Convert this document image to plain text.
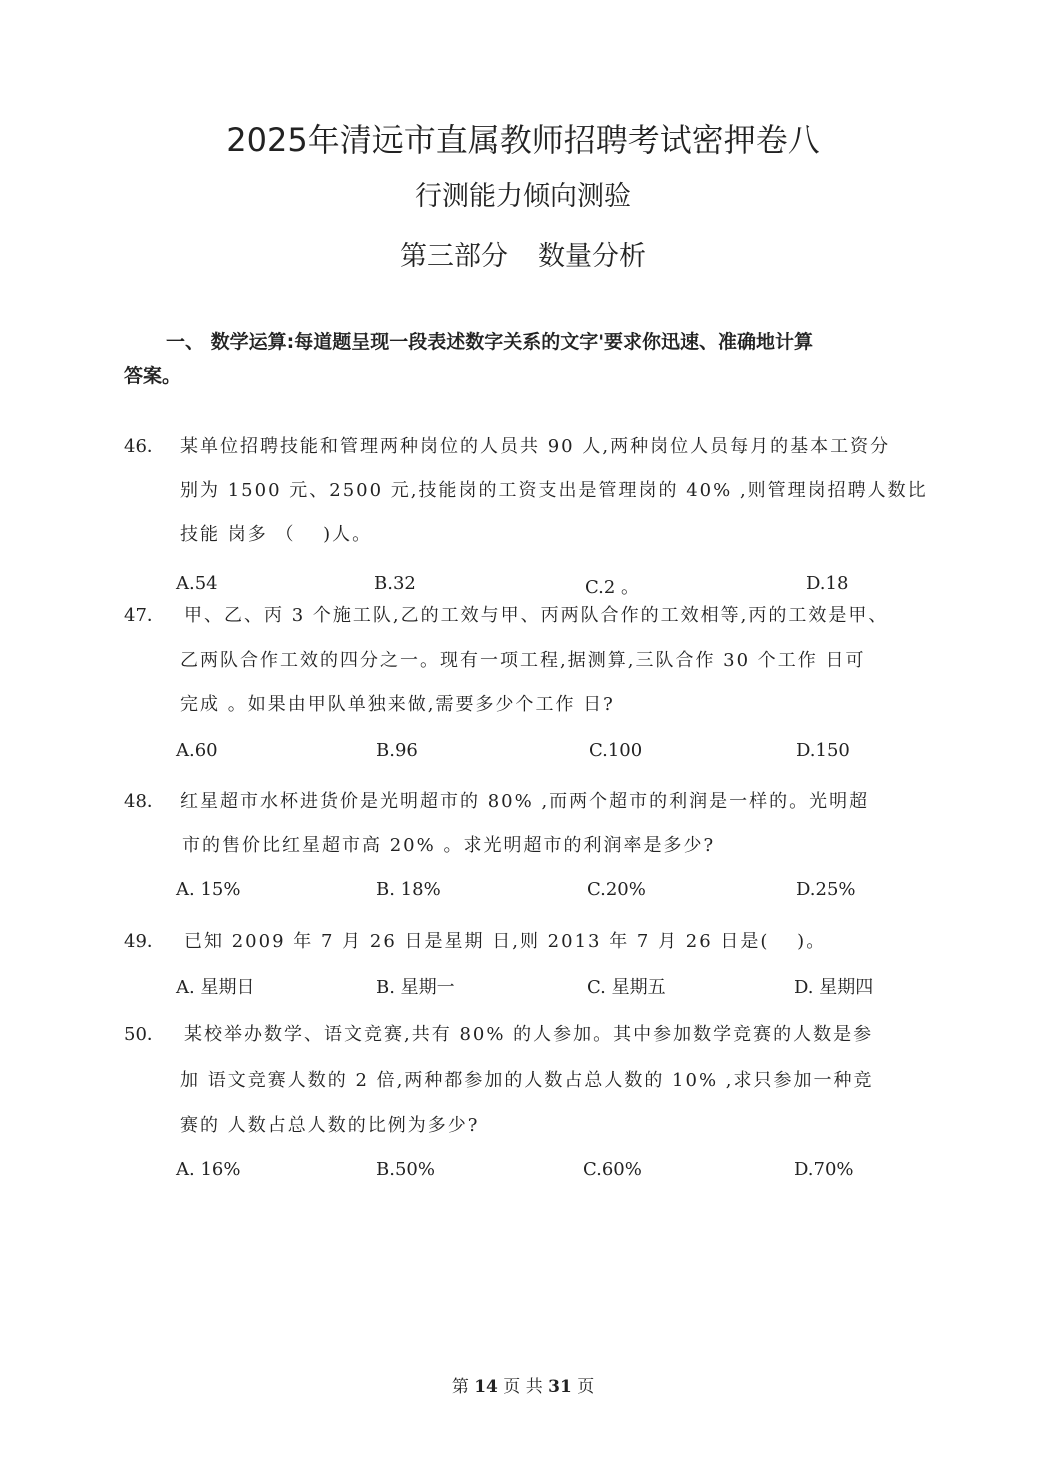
2025年清远市直属教师招聘考试密押卷八
行测能力倾向测验
第三部分 数量分析
一、 数学运算:每道题呈现一段表述数字关系的文字'要求你迅速、准确地计算
答案。
46． 某单位招聘技能和管理两种岗位的人员共 90 人,两种岗位人员每月的基本工资分
别为 1500 元、2500 元,技能岗的工资支出是管理岗的 40% ,则管理岗招聘人数比
技能 岗多 （　 )人。
A.54	B.32	C.2 。	D.18
47． 甲、乙、丙 3 个施工队,乙的工效与甲、丙两队合作的工效相等,丙的工效是甲、
乙两队合作工效的四分之一。现有一项工程,据测算,三队合作 30 个工作 日可
完成 。如果由甲队单独来做,需要多少个工作 日?
A.60	B.96	C.100	D.150
48． 红星超市水杯进货价是光明超市的 80% ,而两个超市的利润是一样的。光明超
市的售价比红星超市高 20% 。求光明超市的利润率是多少?
A. 15%	B. 18%	C.20%	D.25%
49． 已知 2009 年 7 月 26 日是星期 日,则 2013 年 7 月 26 日是(　 )。
A. 星期日	B. 星期一	C. 星期五	D. 星期四
50． 某校举办数学、语文竞赛,共有 80% 的人参加。其中参加数学竞赛的人数是参
加 语文竞赛人数的 2 倍,两种都参加的人数占总人数的 10% ,求只参加一种竞
赛的 人数占总人数的比例为多少?
A. 16%	B.50%	C.60%	D.70%
第 14 页 共 31 页
